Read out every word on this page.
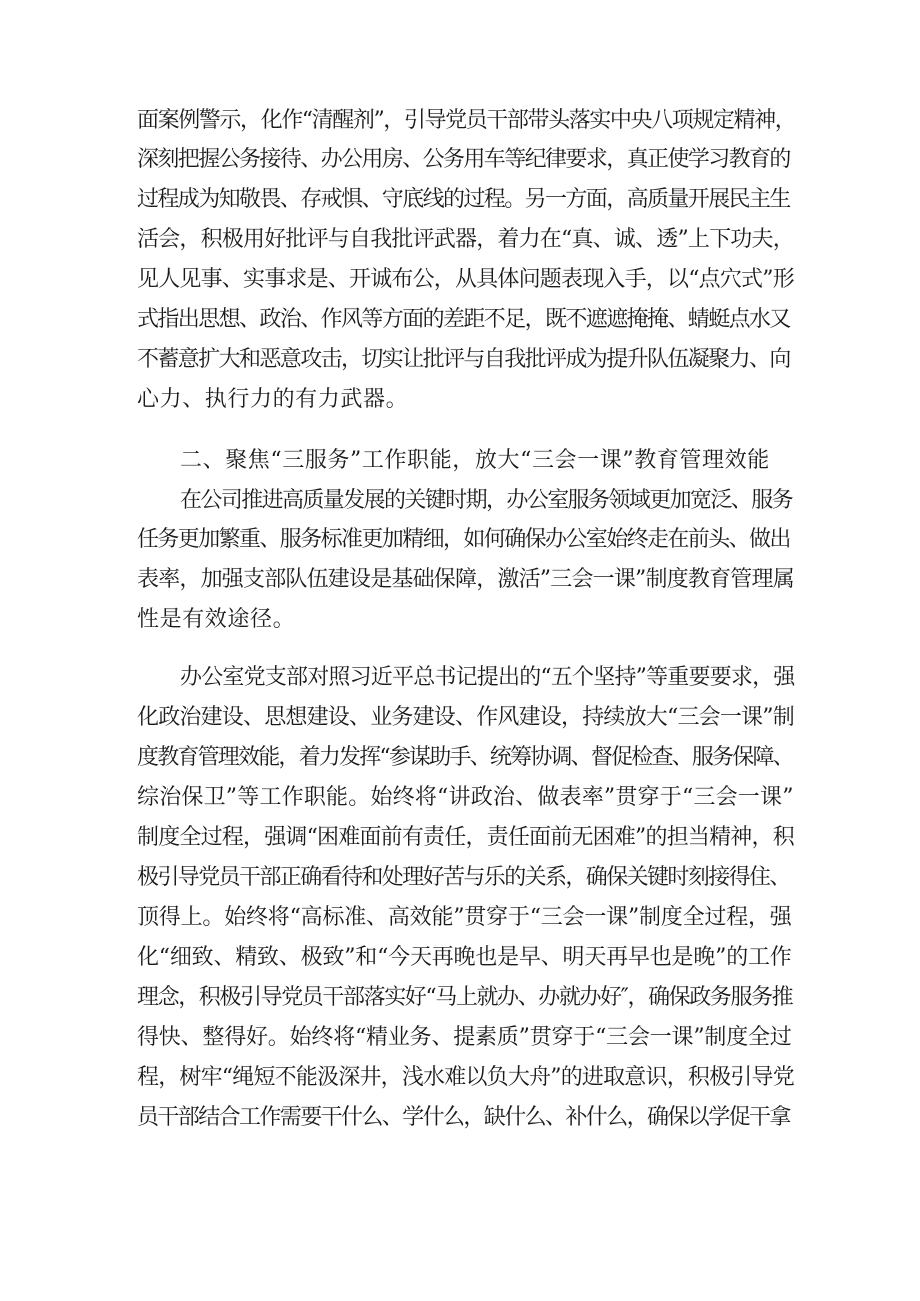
面案例警示，化作“清醒剂”，引导党员干部带头落实中央八项规定精神，
深刻把握公务接待、办公用房、公务用车等纪律要求，真正使学习教育的
过程成为知敬畏、存戒惧、守底线的过程。另一方面，高质量开展民主生
活会，积极用好批评与自我批评武器，着力在“真、诚、透”上下功夫，
见人见事、实事求是、开诚布公，从具体问题表现入手，以“点穴式”形
式指出思想、政治、作风等方面的差距不足，既不遮遮掩掩、蜻蜓点水又
不蓄意扩大和恶意攻击，切实让批评与自我批评成为提升队伍凝聚力、向
心力、执行力的有力武器。
二、聚焦“三服务”工作职能，放大“三会一课”教育管理效能
在公司推进高质量发展的关键时期，办公室服务领域更加宽泛、服务
任务更加繁重、服务标准更加精细，如何确保办公室始终走在前头、做出
表率，加强支部队伍建设是基础保障，激活”三会一课”制度教育管理属
性是有效途径。
办公室党支部对照习近平总书记提出的“五个坚持”等重要要求，强
化政治建设、思想建设、业务建设、作风建设，持续放大“三会一课”制
度教育管理效能，着力发挥“参谋助手、统筹协调、督促检查、服务保障、
综治保卫”等工作职能。始终将“讲政治、做表率”贯穿于“三会一课”
制度全过程，强调“困难面前有责任，责任面前无困难”的担当精神，积
极引导党员干部正确看待和处理好苦与乐的关系，确保关键时刻接得住、
顶得上。始终将“高标准、高效能”贯穿于“三会一课”制度全过程，强
化“细致、精致、极致”和“今天再晚也是早、明天再早也是晚”的工作
理念，积极引导党员干部落实好“马上就办、办就办好″，确保政务服务推
得快、整得好。始终将“精业务、提素质”贯穿于“三会一课”制度全过
程，树牢“绳短不能汲深井，浅水难以负大舟”的进取意识，积极引导党
员干部结合工作需要干什么、学什么，缺什么、补什么，确保以学促干拿
